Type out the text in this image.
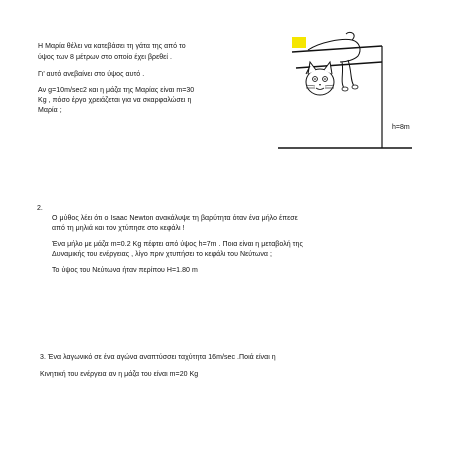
Η Μαρία θέλει να κατεβάσει τη γάτα της από το
ύψος των 8 μέτρων στο οποίο έχει βρεθεί .
Γι’ αυτό ανεβαίνει στο ύψος αυτό .
Αν g=10m/sec2 και η μάζα της Μαρίας είναι m=30
Kg , πόσο έργο χρειάζεται για να σκαρφαλώσει η
Μαρία ;
h=8m
2.
Ο μύθος λέει ότι ο Isaac Newton ανακάλυψε τη βαρύτητα όταν ένα μήλο έπεσε
από τη μηλιά και τον χτύπησε στο κεφάλι !
Ένα μήλο με μάζα m=0.2 Kg πέφτει από ύψος h=7m . Ποια είναι η μεταβολή της
Δυναμικής του ενέργειας , λίγο πριν χτυπήσει το κεφάλι του Νεύτωνα ;
Το ύψος του Νεύτωνα ήταν περίπου H=1.80 m
3. Ένα λαγωνικό σε ένα αγώνα αναπτύσσει ταχύτητα 16m/sec .Ποιά είναι η
Κινητική του ενέργεια αν η μάζα του είναι m=20 Kg
